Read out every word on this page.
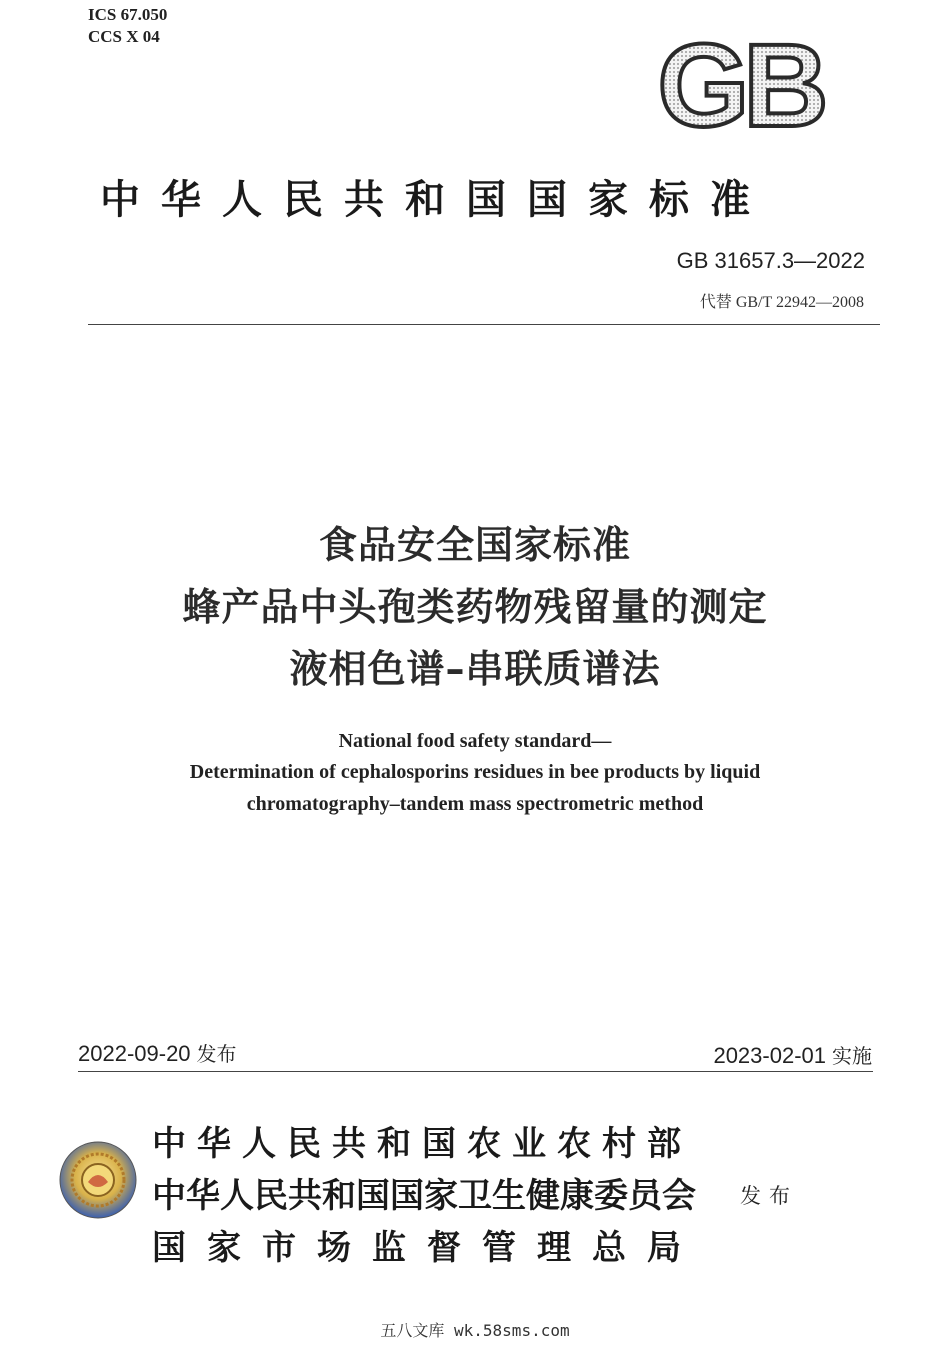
ICS 67.050
CCS X 04	GB
中华人民共和国国家标准
GB 31657.3—2022
代替 GB/T 22942—2008
食品安全国家标准
蜂产品中头孢类药物残留量的测定
液相色谱–串联质谱法
National food safety standard—
Determination of cephalosporins residues in bee products by liquid
chromatography–tandem mass spectrometric method
2022-09-20 发布	2023-02-01 实施
中华人民共和国农业农村部
中华人民共和国国家卫生健康委员会
国家市场监督管理总局
发布
五八文库 wk.58sms.com
